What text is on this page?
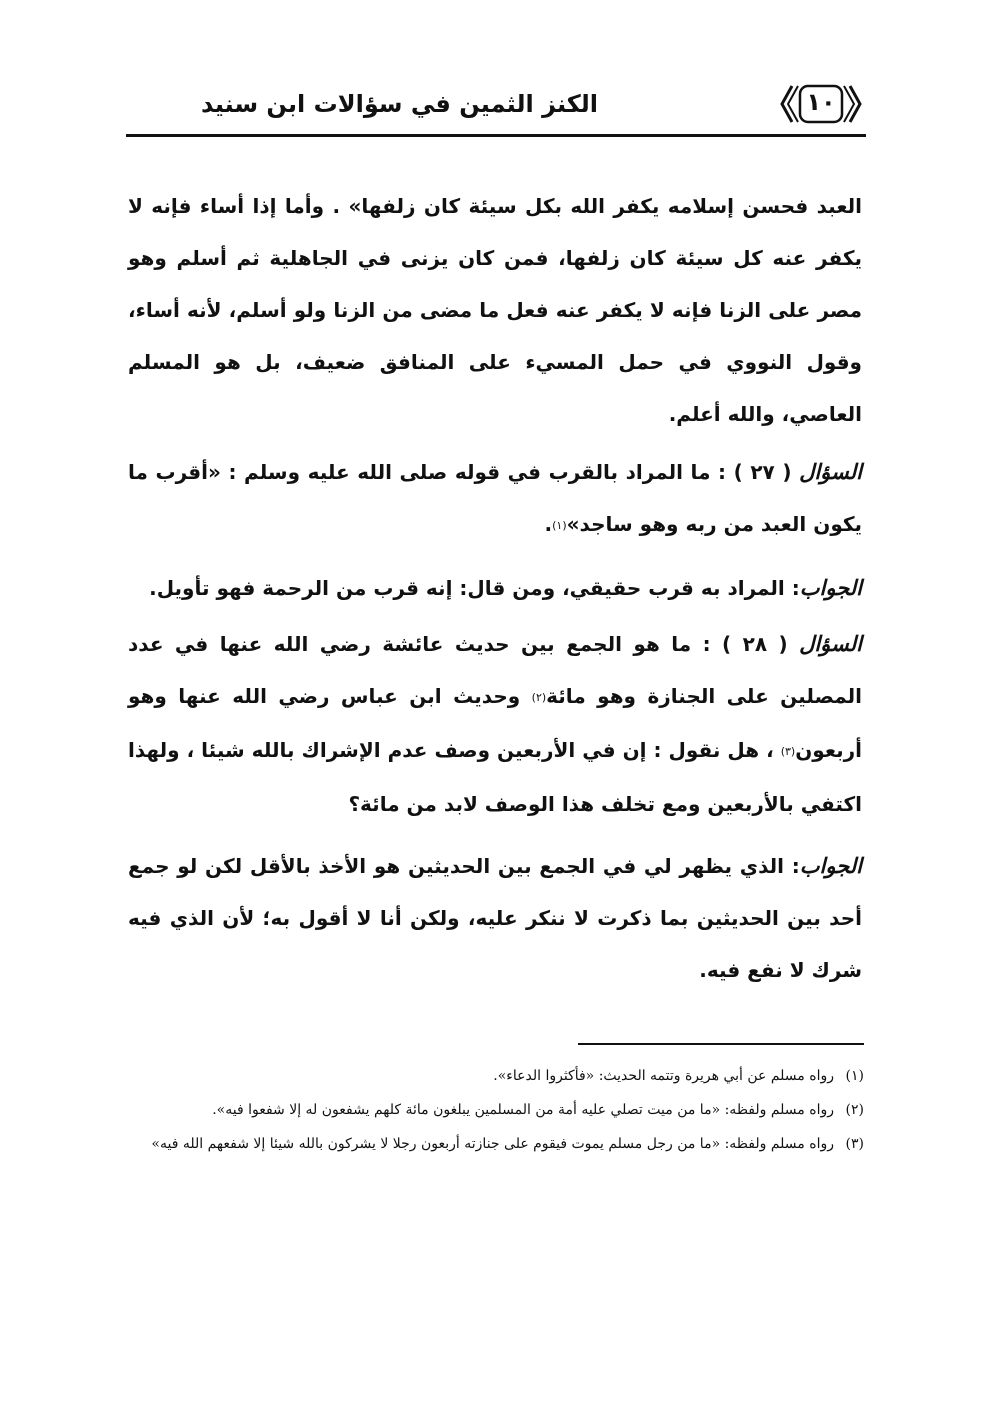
الكنز الثمين في سؤالات ابن سنيد	١٠

العبد فحسن إسلامه يكفر الله بكل سيئة كان زلفها» . وأما إذا أساء فإنه لا يكفر عنه كل سيئة كان زلفها، فمن كان يزنى في الجاهلية ثم أسلم وهو مصر على الزنا فإنه لا يكفر عنه فعل ما مضى من الزنا ولو أسلم، لأنه أساء، وقول النووي في حمل المسيء على المنافق ضعيف، بل هو المسلم العاصي، والله أعلم.

السؤال ( ٢٧ ) : ما المراد بالقرب في قوله صلى الله عليه وسلم : «أقرب ما يكون العبد من ربه وهو ساجد»(١).

الجواب: المراد به قرب حقيقي، ومن قال: إنه قرب من الرحمة فهو تأويل.

السؤال ( ٢٨ ) : ما هو الجمع بين حديث عائشة رضي الله عنها في عدد المصلين على الجنازة وهو مائة(٢) وحديث ابن عباس رضي الله عنها وهو أربعون(٣) ، هل نقول : إن في الأربعين وصف عدم الإشراك بالله شيئا ، ولهذا اكتفي بالأربعين ومع تخلف هذا الوصف لابد من مائة؟

الجواب: الذي يظهر لي في الجمع بين الحديثين هو الأخذ بالأقل لكن لو جمع أحد بين الحديثين بما ذكرت لا ننكر عليه، ولكن أنا لا أقول به؛ لأن الذي فيه شرك لا نفع فيه.

(١)
رواه مسلم عن أبي هريرة وتتمه الحديث: «فأكثروا الدعاء».

(٢)
رواه مسلم ولفظه: «ما من ميت تصلي عليه أمة من المسلمين يبلغون مائة كلهم يشفعون له إلا شفعوا فيه».

(٣)
رواه مسلم ولفظه: «ما من رجل مسلم يموت فيقوم على جنازته أربعون رجلا لا يشركون بالله شيئا إلا شفعهم الله فيه»
